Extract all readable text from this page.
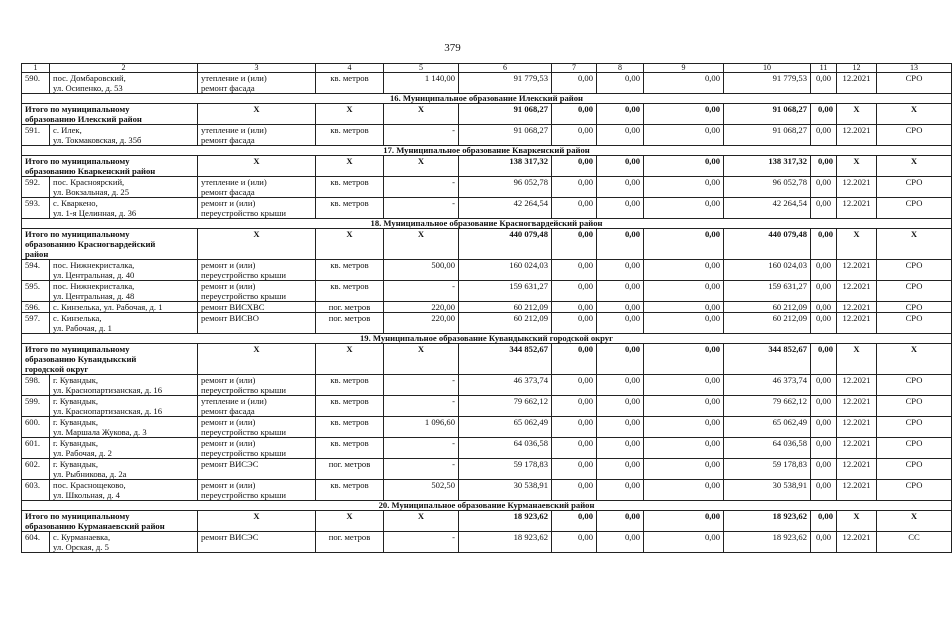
379
1	2	3	4	5	6	7	8	9	10	11	12	13
590.	пос. Домбаровский,
ул. Осипенко, д. 53	утепление и (или)
ремонт фасада	кв. метров	1 140,00	91 779,53	0,00	0,00	0,00	91 779,53	0,00	12.2021	СРО
16. Муниципальное образование Илекский район												
Итого по муниципальному
образованию Илекский район		X	X	X	91 068,27	0,00	0,00	0,00	91 068,27	0,00	X	X
591.	с. Илек,
ул. Токмаковская, д. 35б	утепление и (или)
ремонт фасада	кв. метров	-	91 068,27	0,00	0,00	0,00	91 068,27	0,00	12.2021	СРО
17. Муниципальное образование Кваркенский район												
Итого по муниципальному
образованию Кваркенский район		X	X	X	138 317,32	0,00	0,00	0,00	138 317,32	0,00	X	X
592.	пос. Красноярский,
ул. Вокзальная, д. 25	утепление и (или)
ремонт фасада	кв. метров	-	96 052,78	0,00	0,00	0,00	96 052,78	0,00	12.2021	СРО
593.	с. Кваркено,
ул. 1-я Целинная, д. 36	ремонт и (или)
переустройство крыши	кв. метров	-	42 264,54	0,00	0,00	0,00	42 264,54	0,00	12.2021	СРО
18. Муниципальное образование Красногвардейский район												
Итого по муниципальному
образованию Красногвардейский
район		X	X	X	440 079,48	0,00	0,00	0,00	440 079,48	0,00	X	X
594.	пос. Нижнекристалка,
ул. Центральная, д. 40	ремонт и (или)
переустройство крыши	кв. метров	500,00	160 024,03	0,00	0,00	0,00	160 024,03	0,00	12.2021	СРО
595.	пос. Нижнекристалка,
ул. Центральная, д. 48	ремонт и (или)
переустройство крыши	кв. метров	-	159 631,27	0,00	0,00	0,00	159 631,27	0,00	12.2021	СРО
596.	с. Кинзелька, ул. Рабочая, д. 1	ремонт ВИСХВС	пог. метров	220,00	60 212,09	0,00	0,00	0,00	60 212,09	0,00	12.2021	СРО
597.	с. Кинзелька,
ул. Рабочая, д. 1	ремонт ВИСВО	пог. метров	220,00	60 212,09	0,00	0,00	0,00	60 212,09	0,00	12.2021	СРО
19. Муниципальное образование Кувандыкский городской округ												
Итого по муниципальному
образованию Кувандыкский
городской округ		X	X	X	344 852,67	0,00	0,00	0,00	344 852,67	0,00	X	X
598.	г. Кувандык,
ул. Краснопартизанская, д. 16	ремонт и (или)
переустройство крыши	кв. метров	-	46 373,74	0,00	0,00	0,00	46 373,74	0,00	12.2021	СРО
599.	г. Кувандык,
ул. Краснопартизанская, д. 16	утепление и (или)
ремонт фасада	кв. метров	-	79 662,12	0,00	0,00	0,00	79 662,12	0,00	12.2021	СРО
600.	г. Кувандык,
ул. Маршала Жукова, д. 3	ремонт и (или)
переустройство крыши	кв. метров	1 096,60	65 062,49	0,00	0,00	0,00	65 062,49	0,00	12.2021	СРО
601.	г. Кувандык,
ул. Рабочая, д. 2	ремонт и (или)
переустройство крыши	кв. метров	-	64 036,58	0,00	0,00	0,00	64 036,58	0,00	12.2021	СРО
602.	г. Кувандык,
ул. Рыбникова, д. 2а	ремонт ВИСЭС	пог. метров	-	59 178,83	0,00	0,00	0,00	59 178,83	0,00	12.2021	СРО
603.	пос. Краснощеково,
ул. Школьная, д. 4	ремонт и (или)
переустройство крыши	кв. метров	502,50	30 538,91	0,00	0,00	0,00	30 538,91	0,00	12.2021	СРО
20. Муниципальное образование Курманаевский район												
Итого по муниципальному
образованию Курманаевский район		X	X	X	18 923,62	0,00	0,00	0,00	18 923,62	0,00	X	X
604.	с. Курманаевка,
ул. Орская, д. 5	ремонт ВИСЭС	пог. метров	-	18 923,62	0,00	0,00	0,00	18 923,62	0,00	12.2021	СС
